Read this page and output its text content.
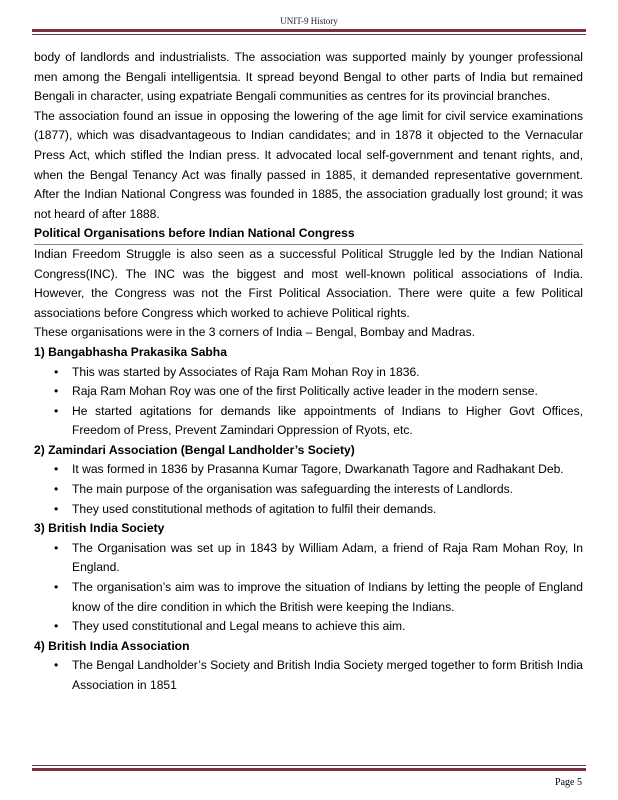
UNIT-9 History

body of landlords and industrialists. The association was supported mainly by younger professional men among the Bengali intelligentsia. It spread beyond Bengal to other parts of India but remained Bengali in character, using expatriate Bengali communities as centres for its provincial branches.

The association found an issue in opposing the lowering of the age limit for civil service examinations (1877), which was disadvantageous to Indian candidates; and in 1878 it objected to the Vernacular Press Act, which stifled the Indian press. It advocated local self-government and tenant rights, and, when the Bengal Tenancy Act was finally passed in 1885, it demanded representative government. After the Indian National Congress was founded in 1885, the association gradually lost ground; it was not heard of after 1888.

Political Organisations before Indian National Congress

Indian Freedom Struggle is also seen as a successful Political Struggle led by the Indian National Congress(INC). The INC was the biggest and most well-known political associations of India. However, the Congress was not the First Political Association. There were quite a few Political associations before Congress which worked to achieve Political rights.

These organisations were in the 3 corners of India – Bengal, Bombay and Madras.

1) Bangabhasha Prakasika Sabha
• This was started by Associates of Raja Ram Mohan Roy in 1836.
• Raja Ram Mohan Roy was one of the first Politically active leader in the modern sense.
• He started agitations for demands like appointments of Indians to Higher Govt Offices, Freedom of Press, Prevent Zamindari Oppression of Ryots, etc.
2) Zamindari Association (Bengal Landholder’s Society)
• It was formed in 1836 by Prasanna Kumar Tagore, Dwarkanath Tagore and Radhakant Deb.
• The main purpose of the organisation was safeguarding the interests of Landlords.
• They used constitutional methods of agitation to fulfil their demands.
3) British India Society
• The Organisation was set up in 1843 by William Adam, a friend of Raja Ram Mohan Roy, In England.
• The organisation’s aim was to improve the situation of Indians by letting the people of England know of the dire condition in which the British were keeping the Indians.
• They used constitutional and Legal means to achieve this aim.
4) British India Association
• The Bengal Landholder’s Society and British India Society merged together to form British India Association in 1851
Page 5
